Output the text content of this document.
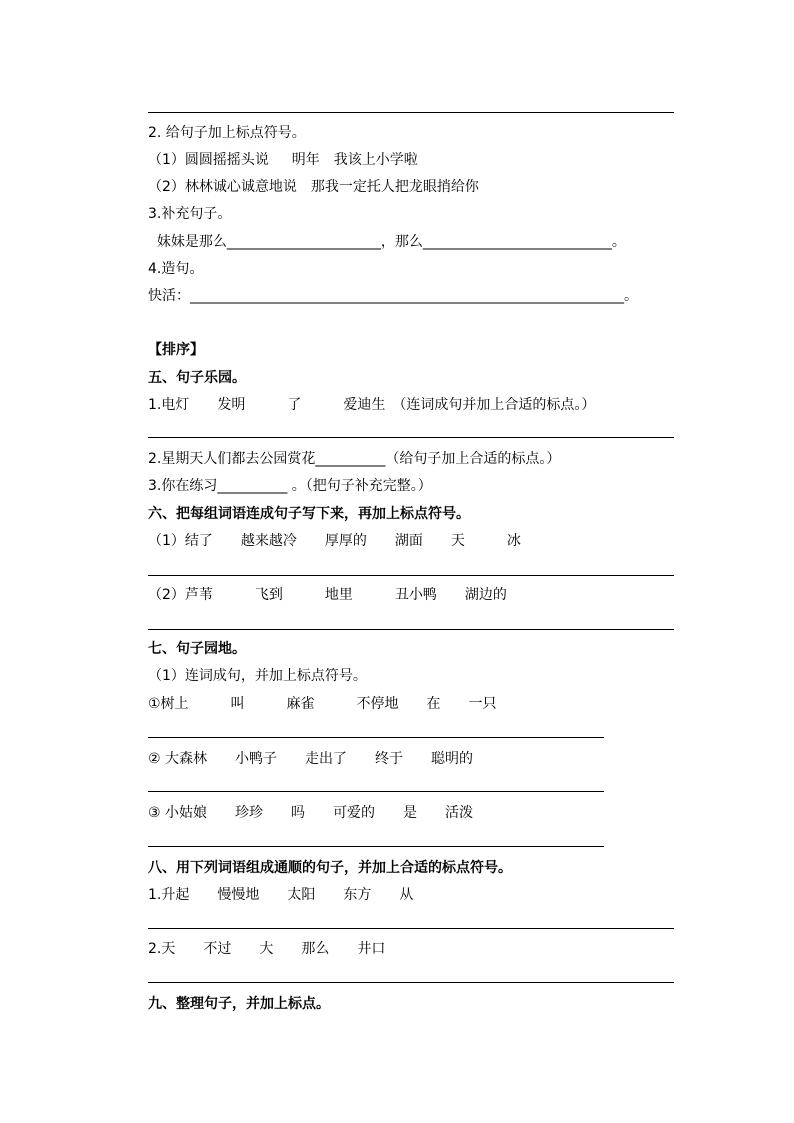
2. 给句子加上标点符号。
（1）圆圆摇摇头说　  明年　我该上小学啦
（2）林林诚心诚意地说　那我一定托人把龙眼捎给你
3.补充句子。
妹妹是那么______________________，那么___________________________。
4.造句。
快活：______________________________________________________________。
【排序】
五、句子乐园。
1.电灯　　发明　　　了　　　爱迪生　（连词成句并加上合适的标点。）
2.星期天人们都去公园赏花__________（给句子加上合适的标点。）
3.你在练习__________ 。（把句子补充完整。）
六、把每组词语连成句子写下来，再加上标点符号。
（1）结了　　越来越冷　　厚厚的　　湖面　　天　　　冰
（2）芦苇　　　飞到　　　地里　　　丑小鸭　　湖边的
七、句子园地。
（1）连词成句，并加上标点符号。
①树上　　　叫　　　麻雀　　　不停地　　在　　一只
② 大森林　　小鸭子　　走出了　　终于　　聪明的
③ 小姑娘　　珍珍　　吗　　可爱的　　是　　活泼
八、用下列词语组成通顺的句子，并加上合适的标点符号。
1.升起　　慢慢地　　太阳　　东方　　从
2.天　　不过　　大　　那么　　井口
九、整理句子，并加上标点。
